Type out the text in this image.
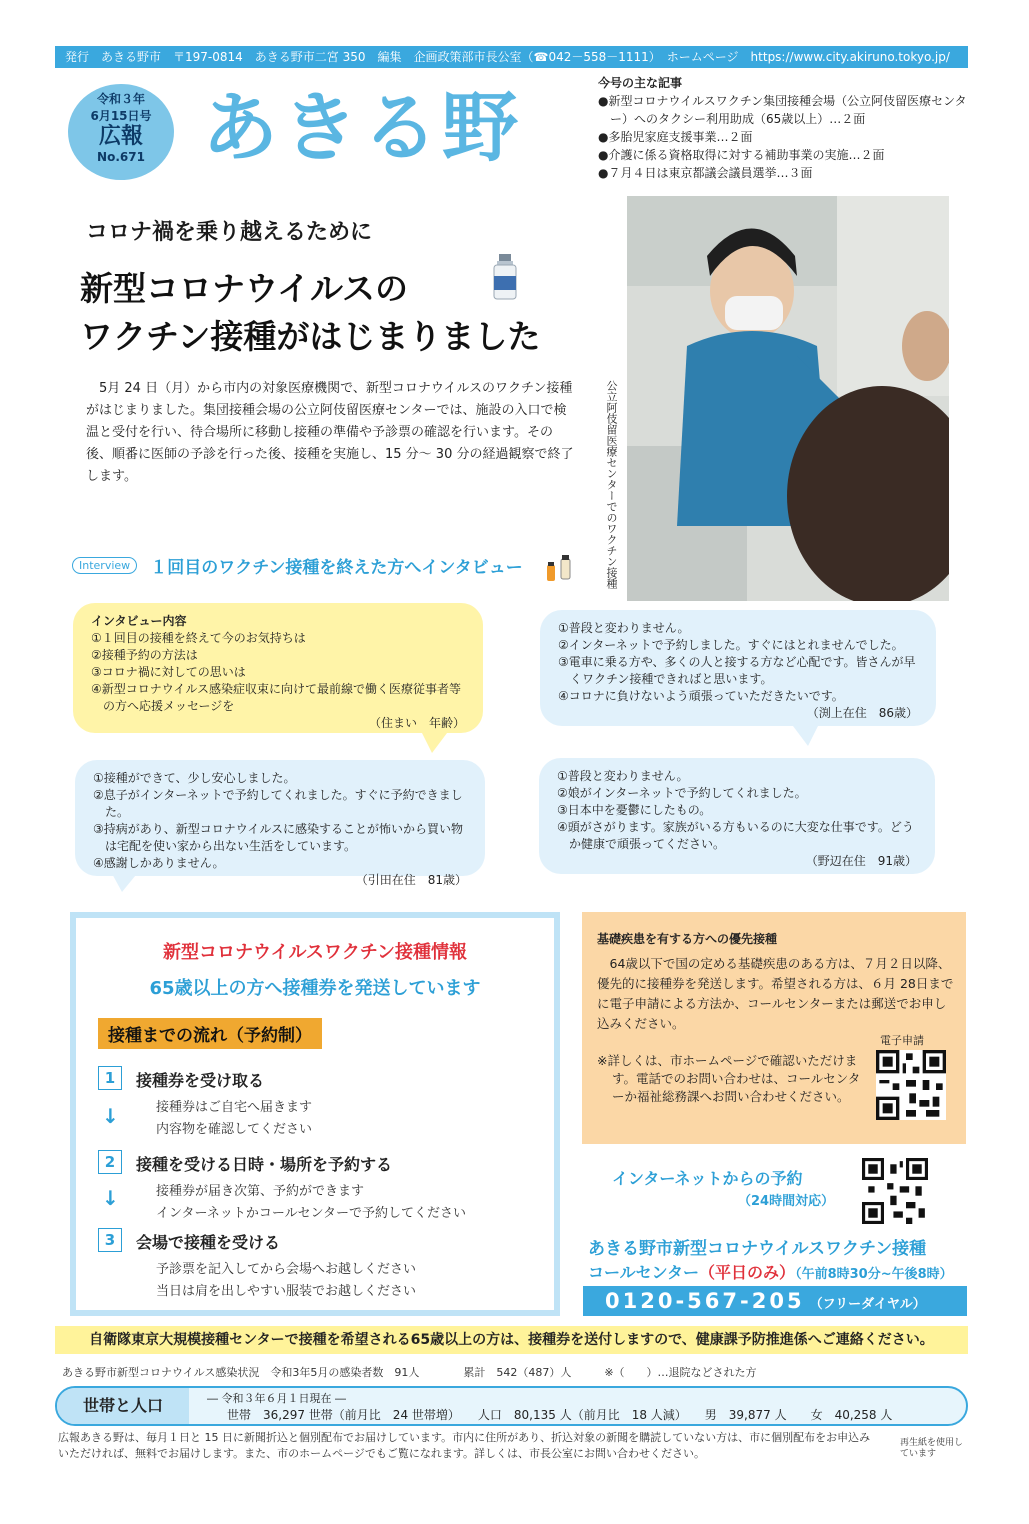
発行　あきる野市　〒197-0814　あきる野市二宮 350　編集　企画政策部市長公室（☎042－558－1111）　ホームページ　https://www.city.akiruno.tokyo.jp/
令和３年
6月15日号
広報
No.671 あきる野	今号の主な記事
●新型コロナウイルスワクチン集団接種会場（公立阿伎留医療センター）へのタクシー利用助成（65歳以上）…２面
●多胎児家庭支援事業…２面
●介護に係る資格取得に対する補助事業の実施…２面
●７月４日は東京都議会議員選挙…３面
コロナ禍を乗り越えるために
新型コロナウイルスの
ワクチン接種がはじまりました
公立阿伎留医療センターでのワクチン接種
5月 24 日（月）から市内の対象医療機関で、新型コロナウイルスのワクチン接種がはじまりました。集団接種会場の公立阿伎留医療センターでは、施設の入口で検温と受付を行い、待合場所に移動し接種の準備や予診票の確認を行います。その後、順番に医師の予診を行った後、接種を実施し、15 分～ 30 分の経過観察で終了します。
Interview １回目のワクチン接種を終えた方へインタビュー
インタビュー内容
①１回目の接種を終えて今のお気持ちは
②接種予約の方法は
③コロナ禍に対しての思いは
④新型コロナウイルス感染症収束に向けて最前線で働く医療従事者等の方へ応援メッセージを
（住まい　年齢）
①普段と変わりません。
②インターネットで予約しました。すぐにはとれませんでした。
③電車に乗る方や、多くの人と接する方など心配です。皆さんが早くワクチン接種できればと思います。
④コロナに負けないよう頑張っていただきたいです。
（渕上在住　86歳）
①接種ができて、少し安心しました。
②息子がインターネットで予約してくれました。すぐに予約できました。
③持病があり、新型コロナウイルスに感染することが怖いから買い物は宅配を使い家から出ない生活をしています。
④感謝しかありません。
（引田在住　81歳）
①普段と変わりません。
②娘がインターネットで予約してくれました。
③日本中を憂鬱にしたもの。
④頭がさがります。家族がいる方もいるのに大変な仕事です。どうか健康で頑張ってください。
（野辺在住　91歳）
新型コロナウイルスワクチン接種情報
65歳以上の方へ接種券を発送しています
接種までの流れ（予約制）
1	接種券を受け取る
接種券はご自宅へ届きます
内容物を確認してください
↓
2	接種を受ける日時・場所を予約する
接種券が届き次第、予約ができます
インターネットかコールセンターで予約してください
↓
3	会場で接種を受ける
予診票を記入してから会場へお越しください
当日は肩を出しやすい服装でお越しください
基礎疾患を有する方への優先接種
64歳以下で国の定める基礎疾患のある方は、７月２日以降、優先的に接種券を発送します。希望される方は、６月 28日までに電子申請による方法か、コールセンターまたは郵送でお申し込みください。
※詳しくは、市ホームページで確認いただけます。電話でのお問い合わせは、コールセンターか福祉総務課へお問い合わせください。
電子申請
インターネットからの予約
（24時間対応）
あきる野市新型コロナウイルスワクチン接種
コールセンター（平日のみ）（午前8時30分~午後8時）
0120-567-205 （フリーダイヤル）
自衛隊東京大規模接種センターで接種を希望される65歳以上の方は、接種券を送付しますので、健康課予防推進係へご連絡ください。
あきる野市新型コロナウイルス感染状況　令和3年5月の感染者数　91人　　　　累計　542（487）人　　　※（　　）…退院などされた方
世帯と人口	― 令和３年６月１日現在 ―
世帯　36,297 世帯（前月比　24 世帯増）　　人口　80,135 人（前月比　18 人減）　　男　39,877 人　　女　40,258 人
広報あきる野は、毎月１日と 15 日に新聞折込と個別配布でお届けしています。市内に住所があり、折込対象の新聞を購読していない方は、市に個別配布をお申込みいただければ、無料でお届けします。また、市のホームページでもご覧になれます。詳しくは、市長公室にお問い合わせください。
再生紙を使用しています
